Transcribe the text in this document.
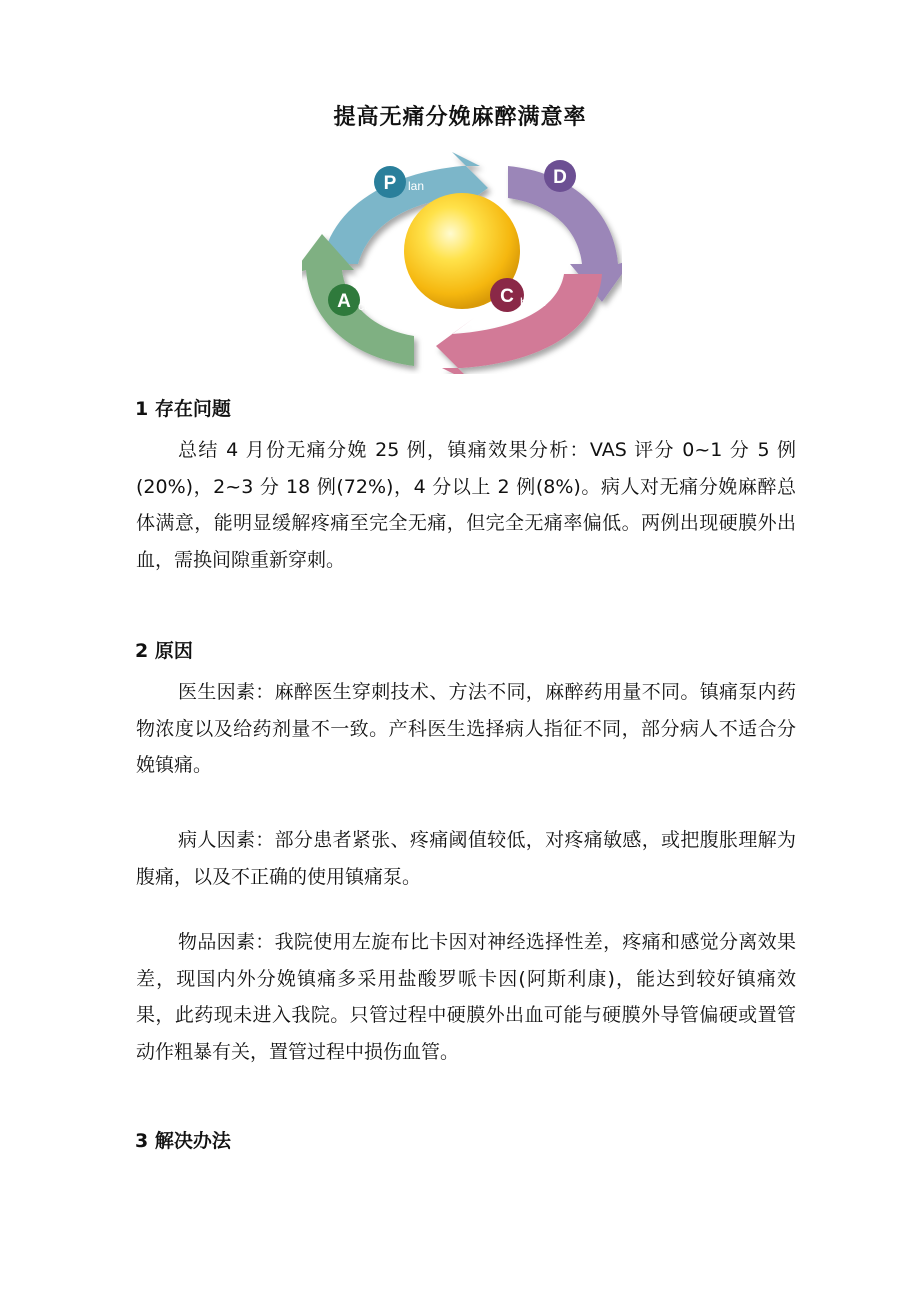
提高无痛分娩麻醉满意率
P lan	D o
C heck
A ct
1 存在问题

总结 4 月份无痛分娩 25 例，镇痛效果分析：VAS 评分 0~1 分 5 例(20%)，2~3 分 18 例(72%)，4 分以上 2 例(8%)。病人对无痛分娩麻醉总体满意，能明显缓解疼痛至完全无痛，但完全无痛率偏低。两例出现硬膜外出血，需换间隙重新穿刺。

2 原因

医生因素：麻醉医生穿刺技术、方法不同，麻醉药用量不同。镇痛泵内药物浓度以及给药剂量不一致。产科医生选择病人指征不同，部分病人不适合分娩镇痛。

病人因素：部分患者紧张、疼痛阈值较低，对疼痛敏感，或把腹胀理解为腹痛，以及不正确的使用镇痛泵。

物品因素：我院使用左旋布比卡因对神经选择性差，疼痛和感觉分离效果差，现国内外分娩镇痛多采用盐酸罗哌卡因(阿斯利康)，能达到较好镇痛效果，此药现未进入我院。只管过程中硬膜外出血可能与硬膜外导管偏硬或置管动作粗暴有关，置管过程中损伤血管。

3 解决办法
